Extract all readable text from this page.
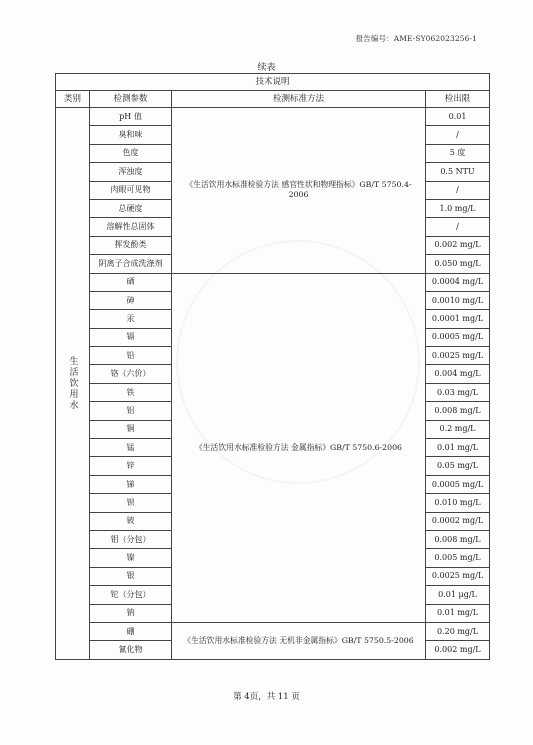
报告编号：AME-SY062023256-1
续表
技术说明			
类别	检测参数	检测标准方法	检出限
生活饮用水	pH 值	《生活饮用水标准检验方法 感官性状和物理指标》GB/T 5750.4-2006	0.01
	臭和味		/
	色度		5 度
	浑浊度		0.5 NTU
	肉眼可见物		/
	总硬度		1.0 mg/L
	溶解性总固体		/
	挥发酚类		0.002 mg/L
	阴离子合成洗涤剂		0.050 mg/L
	硒	《生活饮用水标准检验方法 金属指标》GB/T 5750.6-2006	0.0004 mg/L
	砷		0.0010 mg/L
	汞		0.0001 mg/L
	镉		0.0005 mg/L
	铅		0.0025 mg/L
	铬（六价）		0.004 mg/L
	铁		0.03 mg/L
	铝		0.008 mg/L
	铜		0.2 mg/L
	锰		0.01 mg/L
	锌		0.05 mg/L
	锑		0.0005 mg/L
	钡		0.010 mg/L
	铍		0.0002 mg/L
	钼（分包）		0.008 mg/L
	镍		0.005 mg/L
	银		0.0025 mg/L
	铊（分包）		0.01 μg/L
	钠		0.01 mg/L
	硼	《生活饮用水标准检验方法 无机非金属指标》GB/T 5750.5-2006	0.20 mg/L
	氰化物		0.002 mg/L
第 4页，共 11 页
